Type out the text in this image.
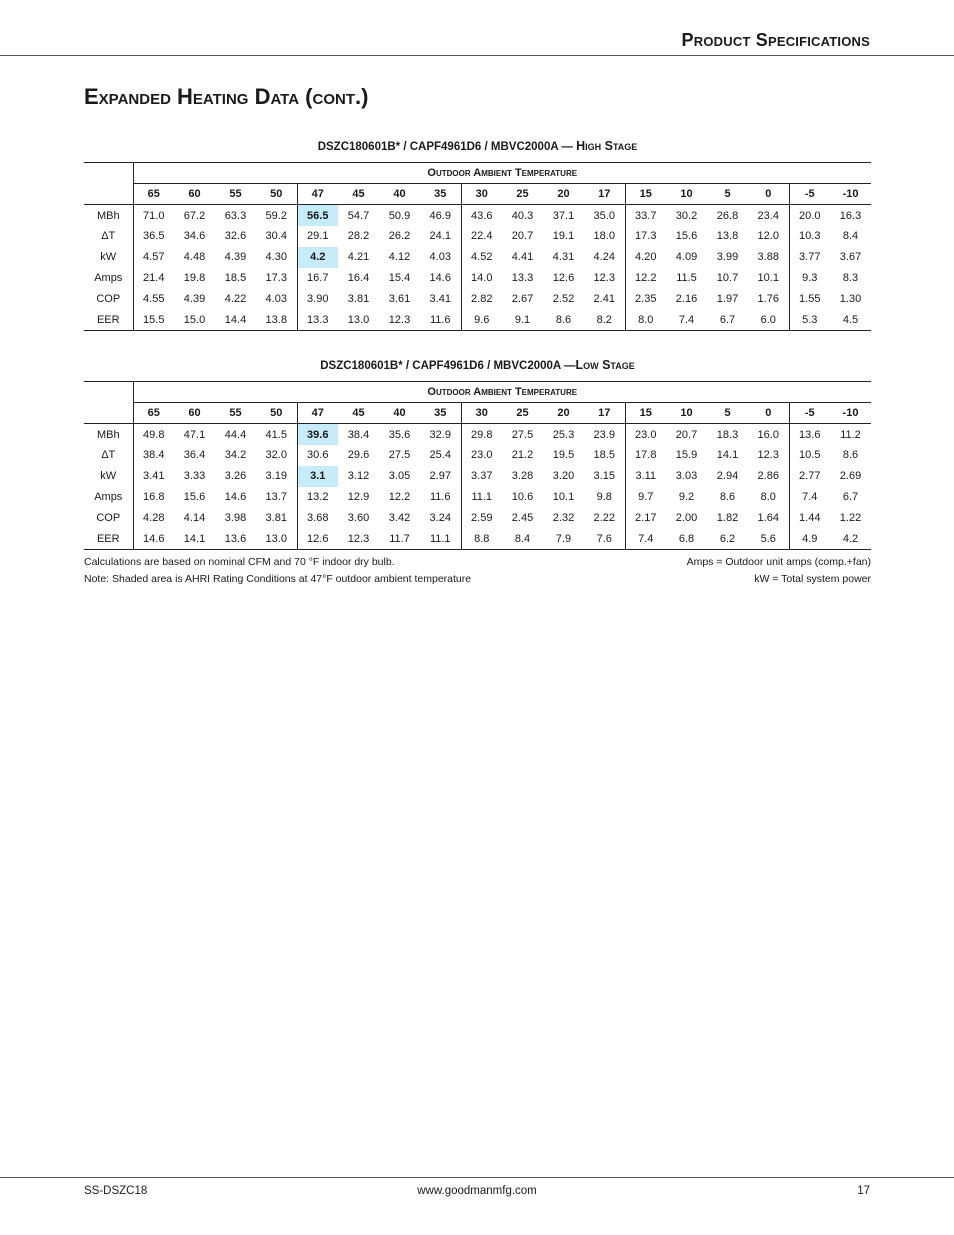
Product Specifications
Expanded Heating Data (cont.)
DSZC180601B* / CAPF4961D6 / MBVC2000A — High Stage
	Outdoor Ambient Temperature																	
	65	60	55	50	47	45	40	35	30	25	20	17	15	10	5	0	-5	-10
MBh	71.0	67.2	63.3	59.2	56.5	54.7	50.9	46.9	43.6	40.3	37.1	35.0	33.7	30.2	26.8	23.4	20.0	16.3
ΔT	36.5	34.6	32.6	30.4	29.1	28.2	26.2	24.1	22.4	20.7	19.1	18.0	17.3	15.6	13.8	12.0	10.3	8.4
kW	4.57	4.48	4.39	4.30	4.2	4.21	4.12	4.03	4.52	4.41	4.31	4.24	4.20	4.09	3.99	3.88	3.77	3.67
Amps	21.4	19.8	18.5	17.3	16.7	16.4	15.4	14.6	14.0	13.3	12.6	12.3	12.2	11.5	10.7	10.1	9.3	8.3
COP	4.55	4.39	4.22	4.03	3.90	3.81	3.61	3.41	2.82	2.67	2.52	2.41	2.35	2.16	1.97	1.76	1.55	1.30
EER	15.5	15.0	14.4	13.8	13.3	13.0	12.3	11.6	9.6	9.1	8.6	8.2	8.0	7.4	6.7	6.0	5.3	4.5
DSZC180601B* / CAPF4961D6 / MBVC2000A —Low Stage
	Outdoor Ambient Temperature																	
	65	60	55	50	47	45	40	35	30	25	20	17	15	10	5	0	-5	-10
MBh	49.8	47.1	44.4	41.5	39.6	38.4	35.6	32.9	29.8	27.5	25.3	23.9	23.0	20.7	18.3	16.0	13.6	11.2
ΔT	38.4	36.4	34.2	32.0	30.6	29.6	27.5	25.4	23.0	21.2	19.5	18.5	17.8	15.9	14.1	12.3	10.5	8.6
kW	3.41	3.33	3.26	3.19	3.1	3.12	3.05	2.97	3.37	3.28	3.20	3.15	3.11	3.03	2.94	2.86	2.77	2.69
Amps	16.8	15.6	14.6	13.7	13.2	12.9	12.2	11.6	11.1	10.6	10.1	9.8	9.7	9.2	8.6	8.0	7.4	6.7
COP	4.28	4.14	3.98	3.81	3.68	3.60	3.42	3.24	2.59	2.45	2.32	2.22	2.17	2.00	1.82	1.64	1.44	1.22
EER	14.6	14.1	13.6	13.0	12.6	12.3	11.7	11.1	8.8	8.4	7.9	7.6	7.4	6.8	6.2	5.6	4.9	4.2
Calculations are based on nominal CFM and 70 °F indoor dry bulb.
Note: Shaded area is AHRI Rating Conditions at 47°F outdoor ambient temperature
Amps = Outdoor unit amps (comp.+fan)
kW = Total system power
SS-DSZC18	www.goodmanmfg.com	17
